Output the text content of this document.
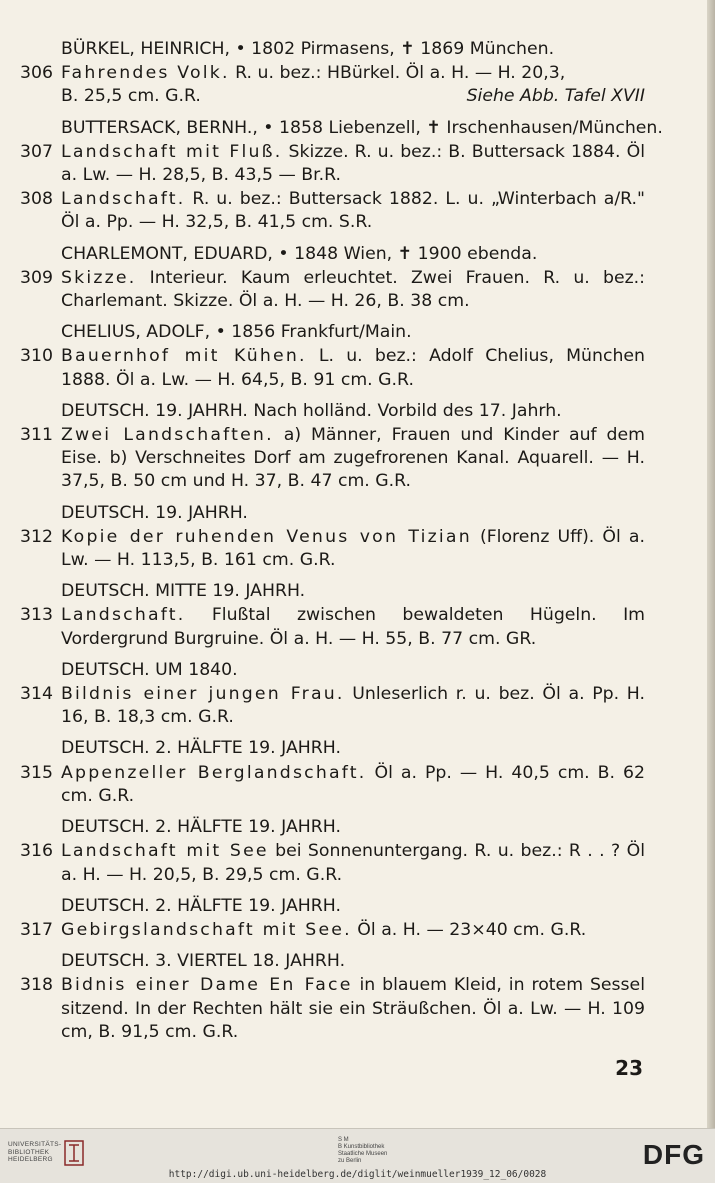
BÜRKEL, HEINRICH, • 1802 Pirmasens, ✝ 1869 München.
306 Fahrendes Volk. R. u. bez.: HBürkel. Öl a. H. — H. 20,3,
B. 25,5 cm. G.R.	Siehe Abb. Tafel XVII
BUTTERSACK, BERNH., • 1858 Liebenzell, ✝ Irschenhausen/München.
307 Landschaft mit Fluß. Skizze. R. u. bez.: B. Buttersack 1884. Öl a. Lw. — H. 28,5, B. 43,5 — Br.R.
308 Landschaft. R. u. bez.: Buttersack 1882. L. u. „Winterbach a/R." Öl a. Pp. — H. 32,5, B. 41,5 cm. S.R.
CHARLEMONT, EDUARD, • 1848 Wien, ✝ 1900 ebenda.
309 Skizze. Interieur. Kaum erleuchtet. Zwei Frauen. R. u. bez.: Charlemant. Skizze. Öl a. H. — H. 26, B. 38 cm.
CHELIUS, ADOLF, • 1856 Frankfurt/Main.
310 Bauernhof mit Kühen. L. u. bez.: Adolf Chelius, München 1888. Öl a. Lw. — H. 64,5, B. 91 cm. G.R.
DEUTSCH. 19. JAHRH. Nach holländ. Vorbild des 17. Jahrh.
311 Zwei Landschaften. a) Männer, Frauen und Kinder auf dem Eise. b) Verschneites Dorf am zugefrorenen Kanal. Aquarell. — H. 37,5, B. 50 cm und H. 37, B. 47 cm. G.R.
DEUTSCH. 19. JAHRH.
312 Kopie der ruhenden Venus von Tizian (Florenz Uff). Öl a. Lw. — H. 113,5, B. 161 cm. G.R.
DEUTSCH. MITTE 19. JAHRH.
313 Landschaft. Flußtal zwischen bewaldeten Hügeln. Im Vordergrund Burgruine. Öl a. H. — H. 55, B. 77 cm. GR.
DEUTSCH. UM 1840.
314 Bildnis einer jungen Frau. Unleserlich r. u. bez. Öl a. Pp. H. 16, B. 18,3 cm. G.R.
DEUTSCH. 2. HÄLFTE 19. JAHRH.
315 Appenzeller Berglandschaft. Öl a. Pp. — H. 40,5 cm. B. 62 cm. G.R.
DEUTSCH. 2. HÄLFTE 19. JAHRH.
316 Landschaft mit See bei Sonnenuntergang. R. u. bez.: R . . ? Öl a. H. — H. 20,5, B. 29,5 cm. G.R.
DEUTSCH. 2. HÄLFTE 19. JAHRH.
317 Gebirgslandschaft mit See. Öl a. H. — 23×40 cm. G.R.
DEUTSCH. 3. VIERTEL 18. JAHRH.
318 Bidnis einer Dame En Face in blauem Kleid, in rotem Sessel sitzend. In der Rechten hält sie ein Sträußchen. Öl a. Lw. — H. 109 cm, B. 91,5 cm. G.R.
23
UNIVERSITÄTS-
BIBLIOTHEK
HEIDELBERG
S M
B Kunstbibliothek
Staatliche Museen
zu Berlin
http://digi.ub.uni-heidelberg.de/diglit/weinmueller1939_12_06/0028
DFG
